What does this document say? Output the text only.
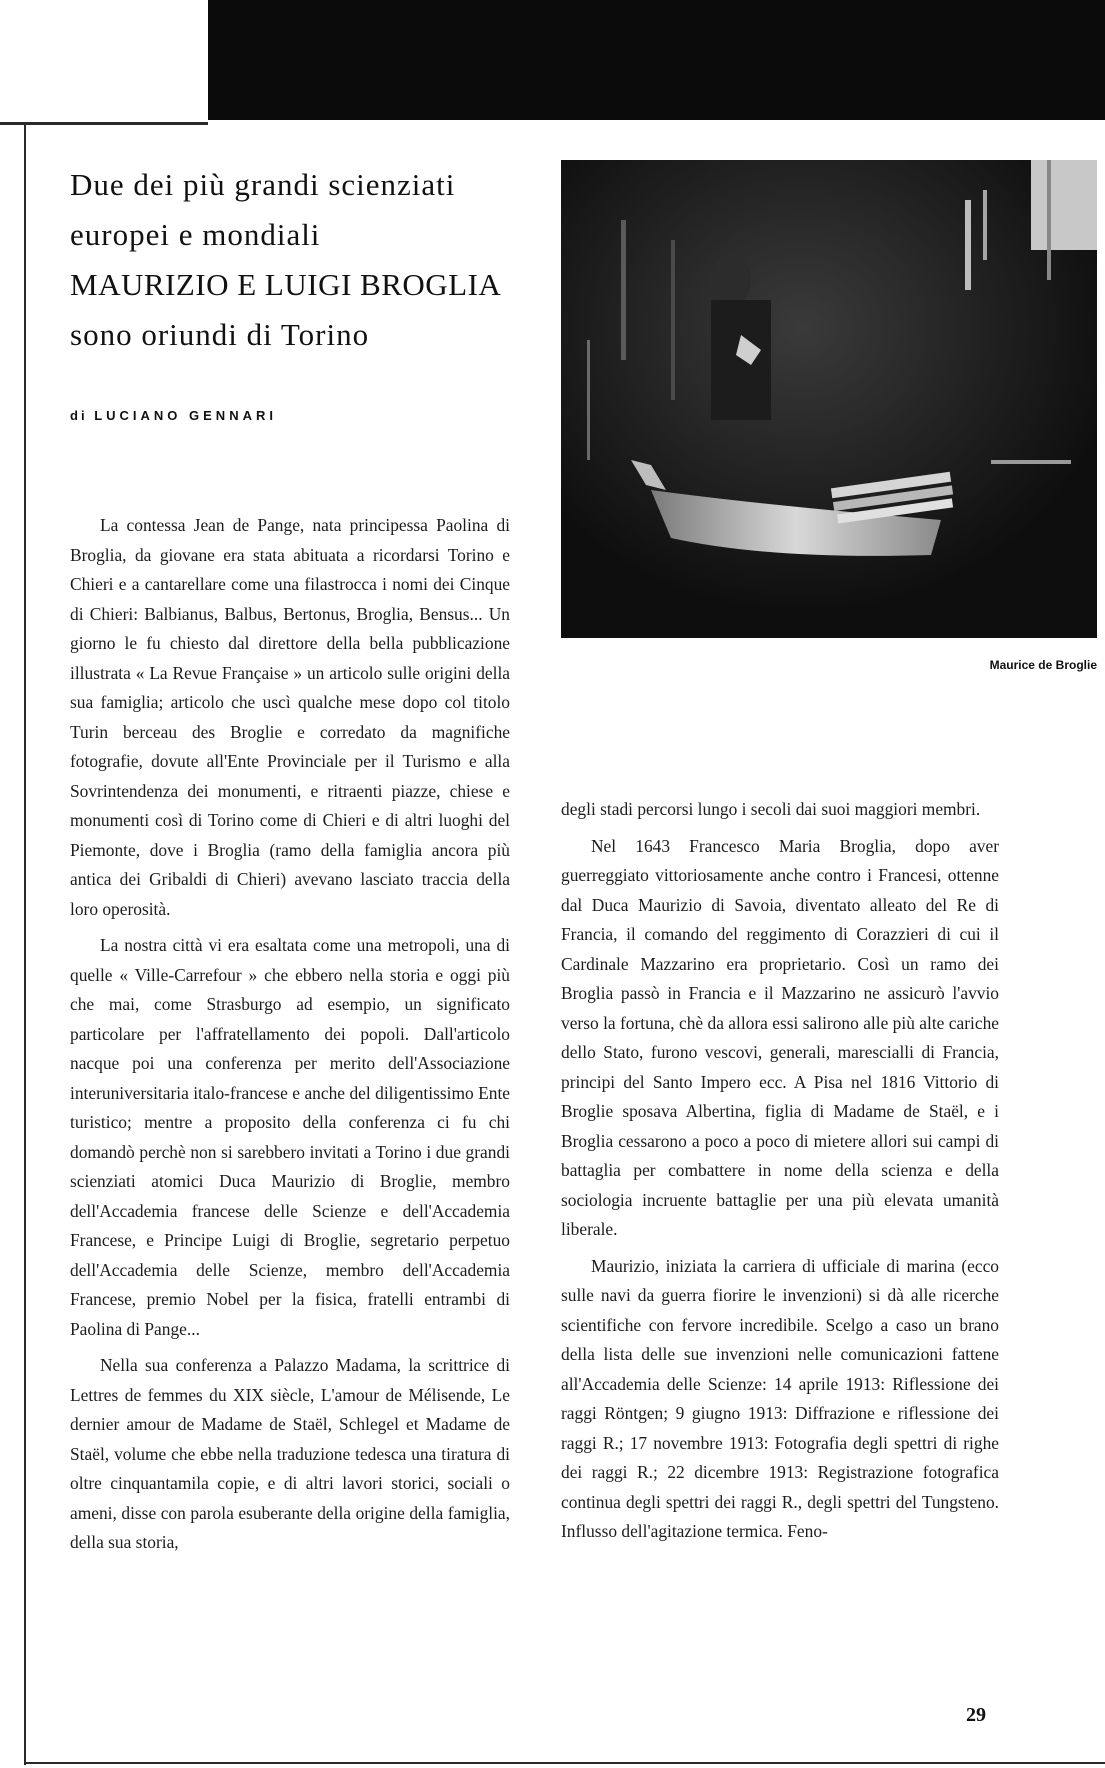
Due dei più grandi scienziati
europei e mondiali
MAURIZIO E LUIGI BROGLIA
sono oriundi di Torino
di LUCIANO GENNARI
Maurice de Broglie

La contessa Jean de Pange, nata principessa Paolina di Broglia, da giovane era stata abituata a ricordarsi Torino e Chieri e a cantarellare come una filastrocca i nomi dei Cinque di Chieri: Balbianus, Balbus, Bertonus, Broglia, Bensus... Un giorno le fu chiesto dal direttore della bella pubblicazione illustrata « La Revue Française » un articolo sulle origini della sua famiglia; articolo che uscì qualche mese dopo col titolo Turin berceau des Broglie e corredato da magnifiche fotografie, dovute all'Ente Provinciale per il Turismo e alla Sovrintendenza dei monumenti, e ritraenti piazze, chiese e monumenti così di Torino come di Chieri e di altri luoghi del Piemonte, dove i Broglia (ramo della famiglia ancora più antica dei Gribaldi di Chieri) avevano lasciato traccia della loro operosità.

La nostra città vi era esaltata come una metropoli, una di quelle « Ville-Carrefour » che ebbero nella storia e oggi più che mai, come Strasburgo ad esempio, un significato particolare per l'affratellamento dei popoli. Dall'articolo nacque poi una conferenza per merito dell'Associazione interuniversitaria italo-francese e anche del diligentissimo Ente turistico; mentre a proposito della conferenza ci fu chi domandò perchè non si sarebbero invitati a Torino i due grandi scienziati atomici Duca Maurizio di Broglie, membro dell'Accademia francese delle Scienze e dell'Accademia Francese, e Principe Luigi di Broglie, segretario perpetuo dell'Accademia delle Scienze, membro dell'Accademia Francese, premio Nobel per la fisica, fratelli entrambi di Paolina di Pange...

Nella sua conferenza a Palazzo Madama, la scrittrice di Lettres de femmes du XIX siècle, L'amour de Mélisende, Le dernier amour de Madame de Staël, Schlegel et Madame de Staël, volume che ebbe nella traduzione tedesca una tiratura di oltre cinquantamila copie, e di altri lavori storici, sociali o ameni, disse con parola esuberante della origine della famiglia, della sua storia,

degli stadi percorsi lungo i secoli dai suoi maggiori membri.

Nel 1643 Francesco Maria Broglia, dopo aver guerreggiato vittoriosamente anche contro i Francesi, ottenne dal Duca Maurizio di Savoia, diventato alleato del Re di Francia, il comando del reggimento di Corazzieri di cui il Cardinale Mazzarino era proprietario. Così un ramo dei Broglia passò in Francia e il Mazzarino ne assicurò l'avvio verso la fortuna, chè da allora essi salirono alle più alte cariche dello Stato, furono vescovi, generali, marescialli di Francia, principi del Santo Impero ecc. A Pisa nel 1816 Vittorio di Broglie sposava Albertina, figlia di Madame de Staël, e i Broglia cessarono a poco a poco di mietere allori sui campi di battaglia per combattere in nome della scienza e della sociologia incruente battaglie per una più elevata umanità liberale.

Maurizio, iniziata la carriera di ufficiale di marina (ecco sulle navi da guerra fiorire le invenzioni) si dà alle ricerche scientifiche con fervore incredibile. Scelgo a caso un brano della lista delle sue invenzioni nelle comunicazioni fattene all'Accademia delle Scienze: 14 aprile 1913: Riflessione dei raggi Röntgen; 9 giugno 1913: Diffrazione e riflessione dei raggi R.; 17 novembre 1913: Fotografia degli spettri di righe dei raggi R.; 22 dicembre 1913: Registrazione fotografica continua degli spettri dei raggi R., degli spettri del Tungsteno. Influsso dell'agitazione termica. Feno-

29
